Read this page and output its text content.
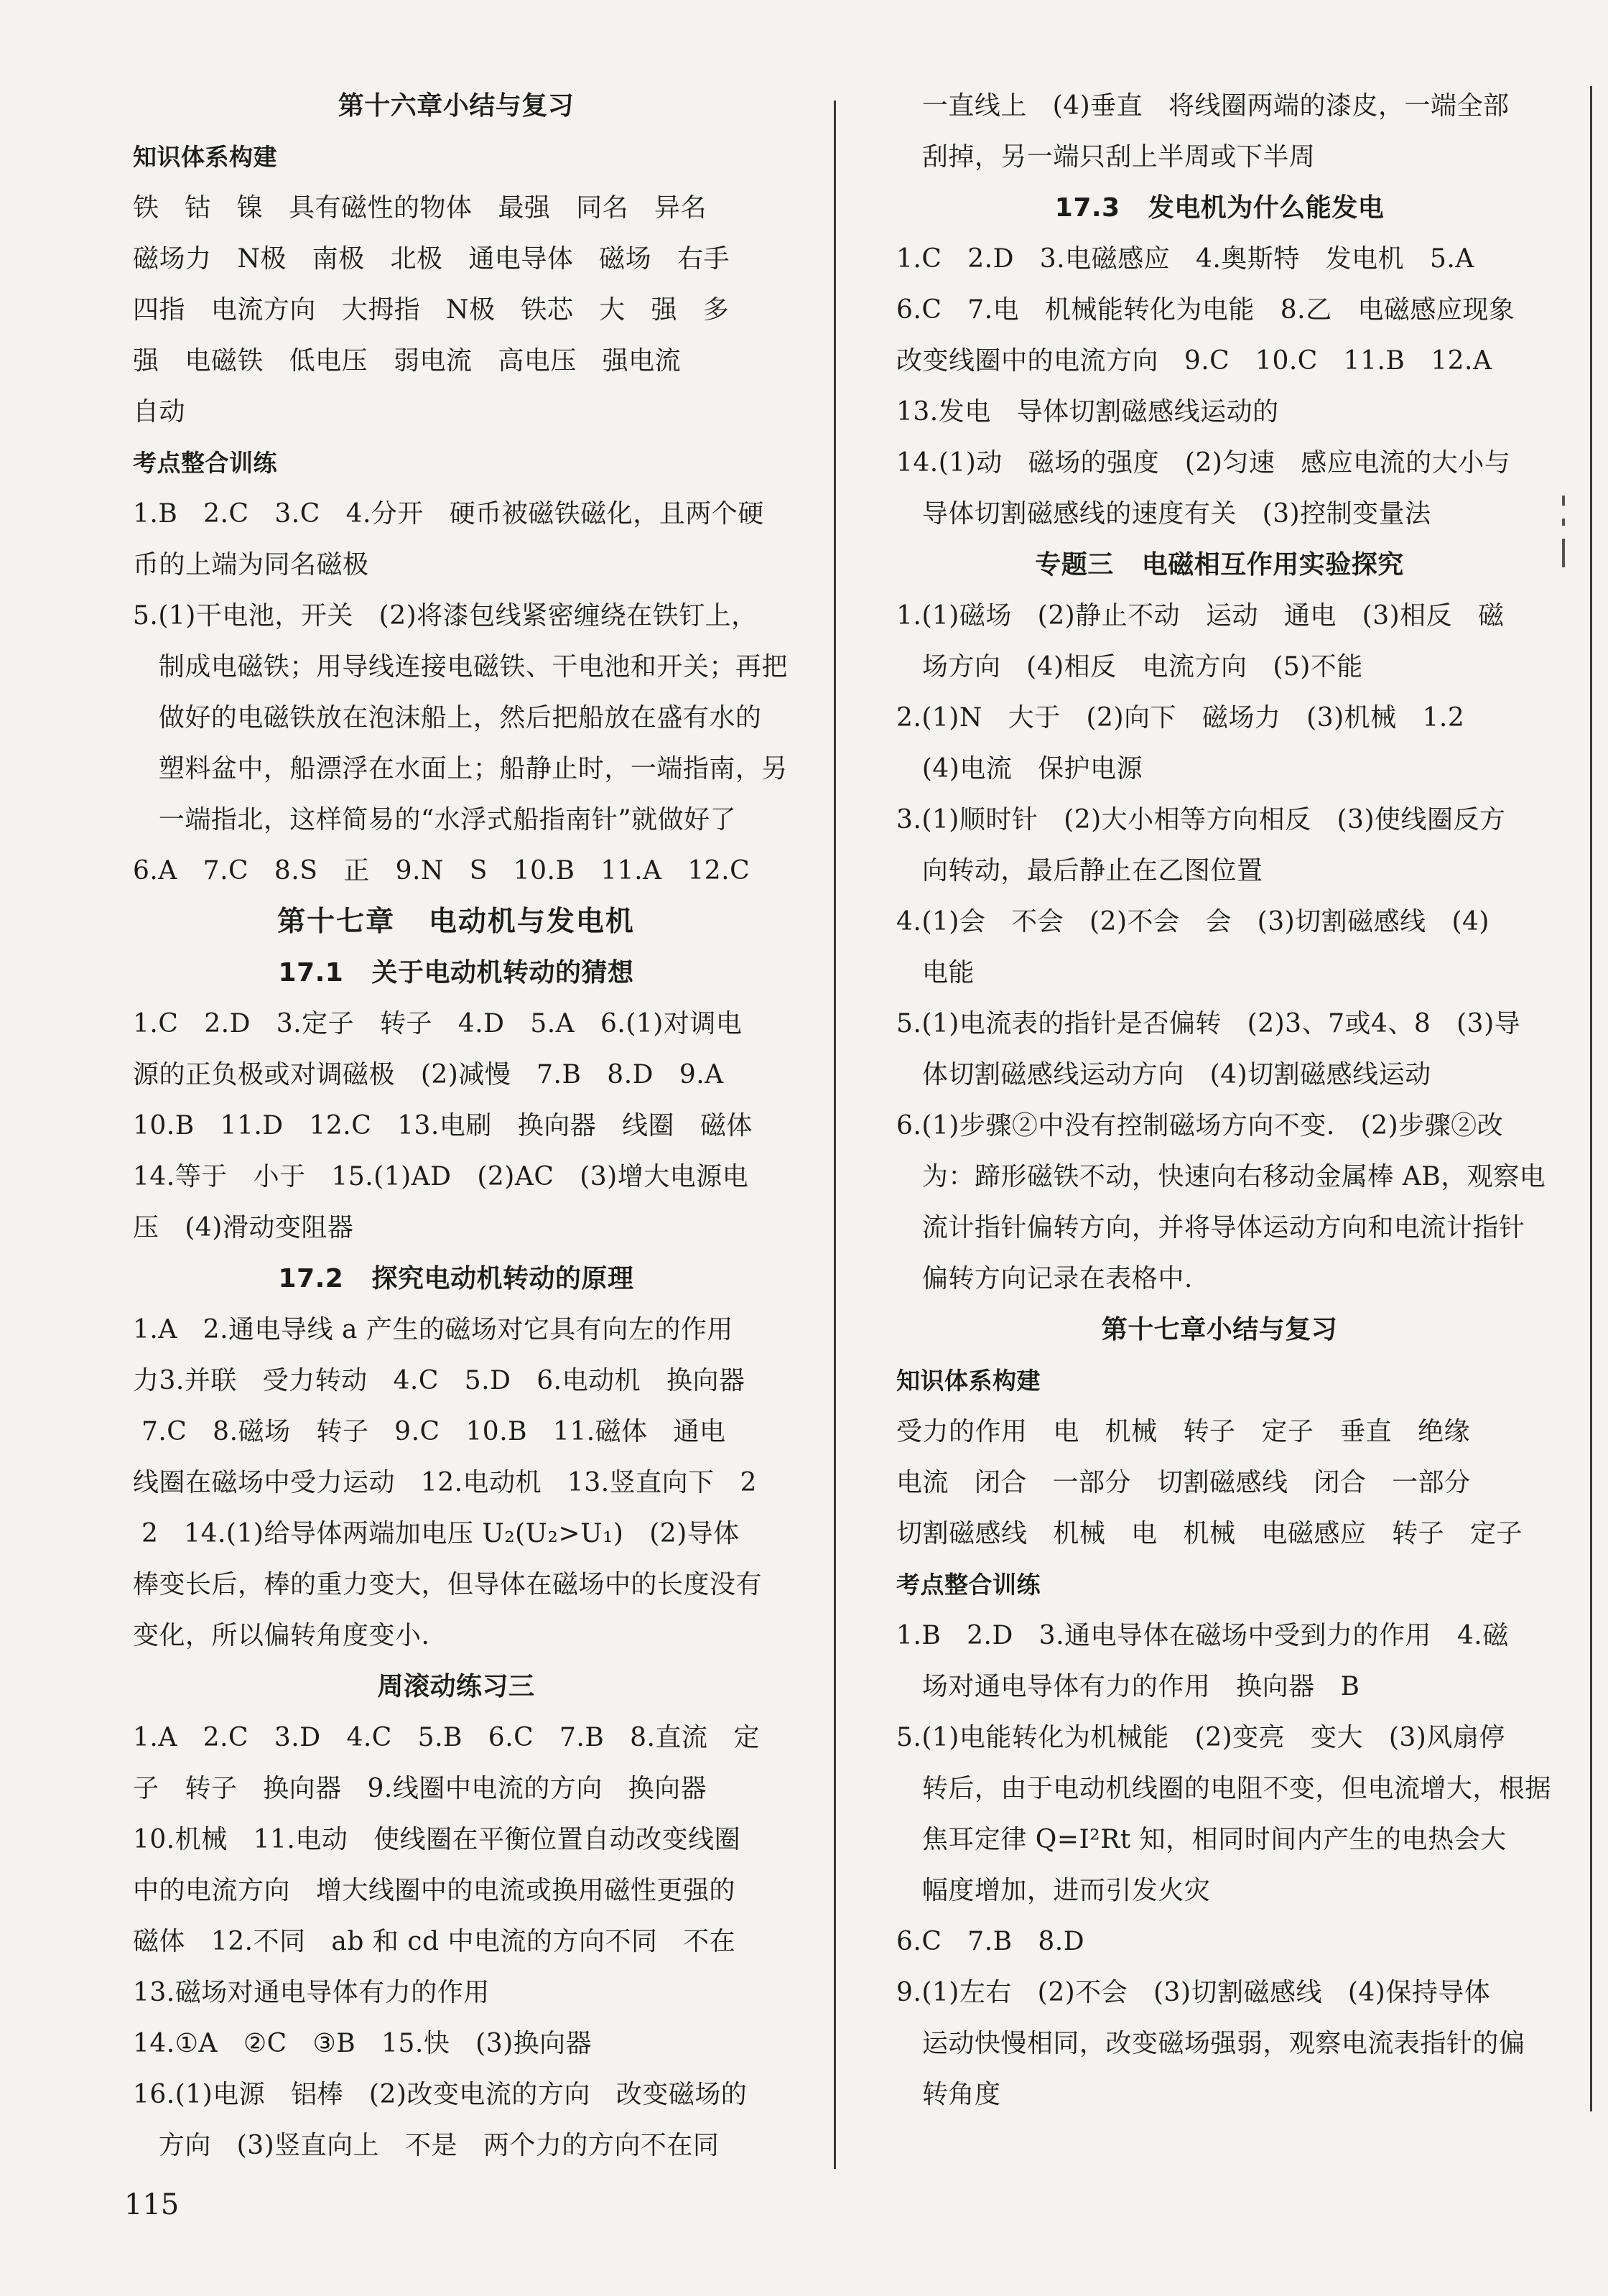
第十六章小结与复习
知识体系构建
铁   钴   镍   具有磁性的物体   最强   同名   异名
磁场力   N极   南极   北极   通电导体   磁场   右手
四指   电流方向   大拇指   N极   铁芯   大   强   多
强   电磁铁   低电压   弱电流   高电压   强电流
自动
考点整合训练
1.B   2.C   3.C   4.分开   硬币被磁铁磁化，且两个硬
币的上端为同名磁极
5.(1)干电池，开关   (2)将漆包线紧密缠绕在铁钉上，
制成电磁铁；用导线连接电磁铁、干电池和开关；再把
做好的电磁铁放在泡沫船上，然后把船放在盛有水的
塑料盆中，船漂浮在水面上；船静止时，一端指南，另
一端指北，这样简易的“水浮式船指南针”就做好了
6.A   7.C   8.S   正   9.N   S   10.B   11.A   12.C
第十七章   电动机与发电机
17.1   关于电动机转动的猜想
1.C   2.D   3.定子   转子   4.D   5.A   6.(1)对调电
源的正负极或对调磁极   (2)减慢   7.B   8.D   9.A
10.B   11.D   12.C   13.电刷   换向器   线圈   磁体
14.等于   小于   15.(1)AD   (2)AC   (3)增大电源电
压   (4)滑动变阻器
17.2   探究电动机转动的原理
1.A   2.通电导线 a 产生的磁场对它具有向左的作用
力3.并联   受力转动   4.C   5.D   6.电动机   换向器
7.C   8.磁场   转子   9.C   10.B   11.磁体   通电
线圈在磁场中受力运动   12.电动机   13.竖直向下   2
2   14.(1)给导体两端加电压 U₂(U₂>U₁)   (2)导体
棒变长后，棒的重力变大，但导体在磁场中的长度没有
变化，所以偏转角度变小.
周滚动练习三
1.A   2.C   3.D   4.C   5.B   6.C   7.B   8.直流   定
子   转子   换向器   9.线圈中电流的方向   换向器
10.机械   11.电动   使线圈在平衡位置自动改变线圈
中的电流方向   增大线圈中的电流或换用磁性更强的
磁体   12.不同   ab 和 cd 中电流的方向不同   不在
13.磁场对通电导体有力的作用
14.①A   ②C   ③B   15.快   (3)换向器
16.(1)电源   铝棒   (2)改变电流的方向   改变磁场的
方向   (3)竖直向上   不是   两个力的方向不在同
一直线上   (4)垂直   将线圈两端的漆皮，一端全部
刮掉，另一端只刮上半周或下半周
17.3   发电机为什么能发电
1.C   2.D   3.电磁感应   4.奥斯特   发电机   5.A
6.C   7.电   机械能转化为电能   8.乙   电磁感应现象
改变线圈中的电流方向   9.C   10.C   11.B   12.A
13.发电   导体切割磁感线运动的
14.(1)动   磁场的强度   (2)匀速   感应电流的大小与
导体切割磁感线的速度有关   (3)控制变量法
专题三   电磁相互作用实验探究
1.(1)磁场   (2)静止不动   运动   通电   (3)相反   磁
场方向   (4)相反   电流方向   (5)不能
2.(1)N   大于   (2)向下   磁场力   (3)机械   1.2
(4)电流   保护电源
3.(1)顺时针   (2)大小相等方向相反   (3)使线圈反方
向转动，最后静止在乙图位置
4.(1)会   不会   (2)不会   会   (3)切割磁感线   (4)
电能
5.(1)电流表的指针是否偏转   (2)3、7或4、8   (3)导
体切割磁感线运动方向   (4)切割磁感线运动
6.(1)步骤②中没有控制磁场方向不变.   (2)步骤②改
为：蹄形磁铁不动，快速向右移动金属棒 AB，观察电
流计指针偏转方向，并将导体运动方向和电流计指针
偏转方向记录在表格中.
第十七章小结与复习
知识体系构建
受力的作用   电   机械   转子   定子   垂直   绝缘
电流   闭合   一部分   切割磁感线   闭合   一部分
切割磁感线   机械   电   机械   电磁感应   转子   定子
考点整合训练
1.B   2.D   3.通电导体在磁场中受到力的作用   4.磁
场对通电导体有力的作用   换向器   B
5.(1)电能转化为机械能   (2)变亮   变大   (3)风扇停
转后，由于电动机线圈的电阻不变，但电流增大，根据
焦耳定律 Q=I²Rt 知，相同时间内产生的电热会大
幅度增加，进而引发火灾
6.C   7.B   8.D
9.(1)左右   (2)不会   (3)切割磁感线   (4)保持导体
运动快慢相同，改变磁场强弱，观察电流表指针的偏
转角度
115
